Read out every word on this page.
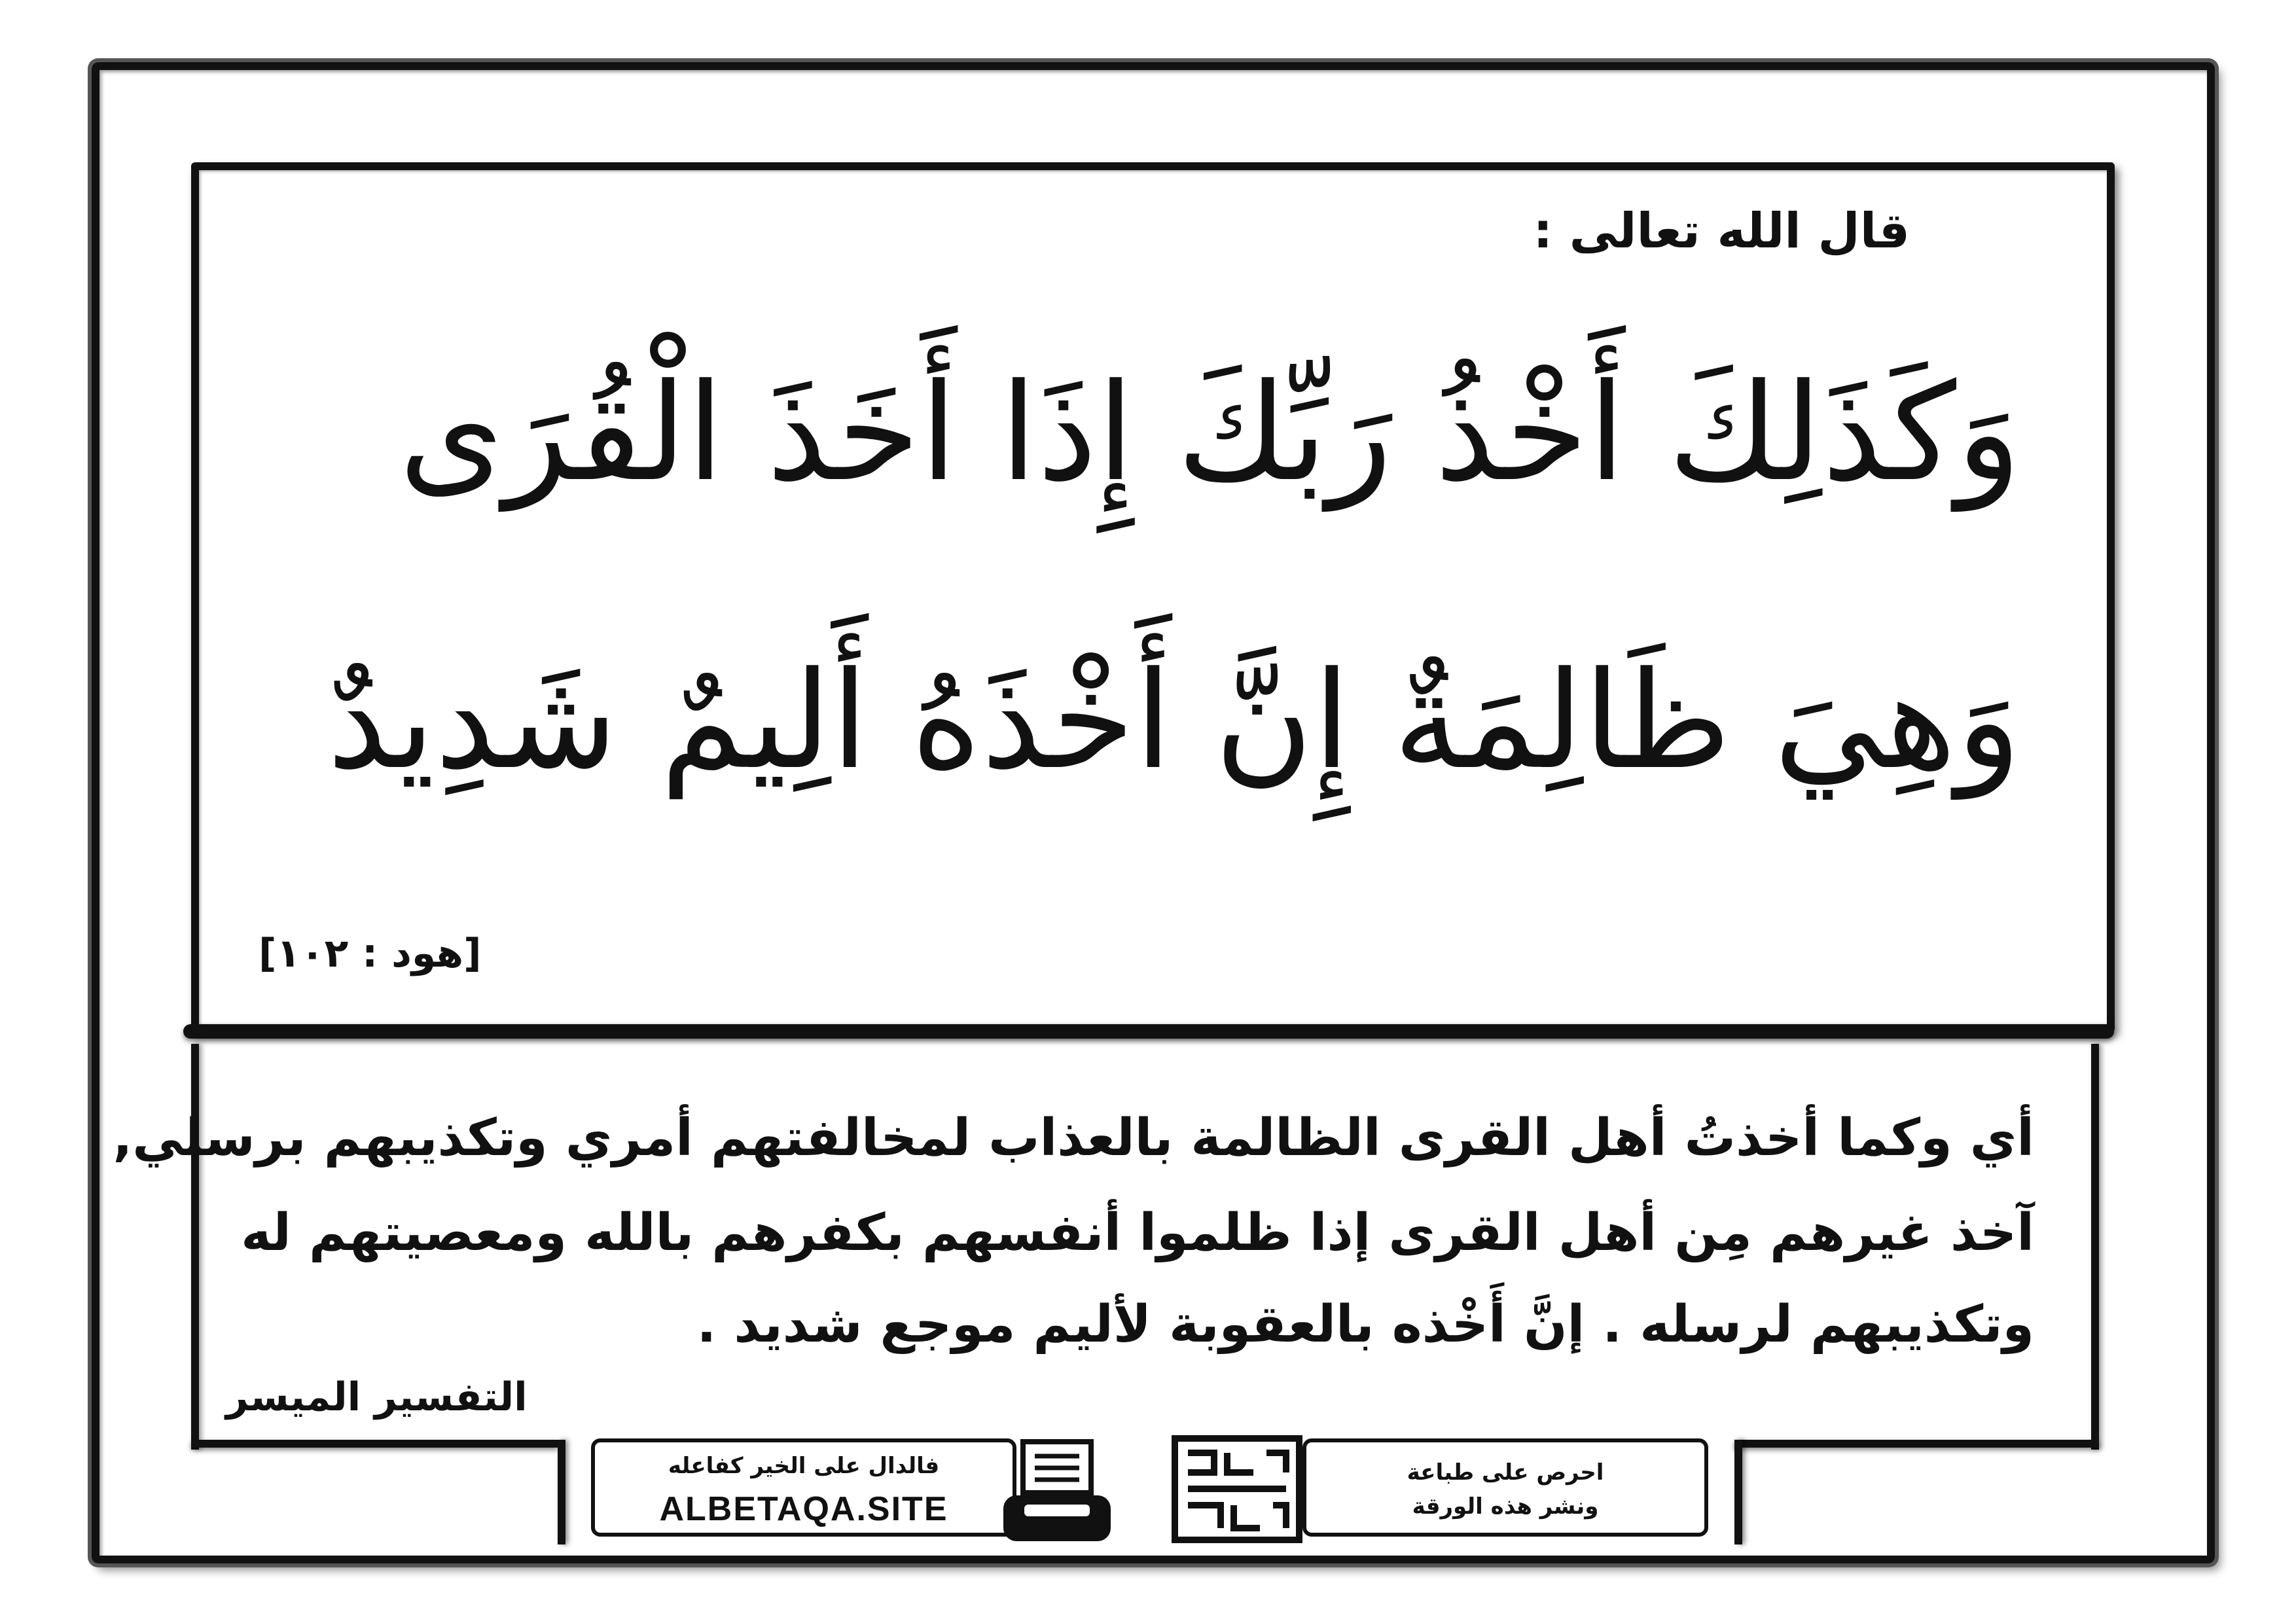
قال الله تعالى :
وَكَذَلِكَ أَخْذُ رَبِّكَ إِذَا أَخَذَ الْقُرَى
وَهِيَ ظَالِمَةٌ إِنَّ أَخْذَهُ أَلِيمٌ شَدِيدٌ
[هود : ١٠٢]
أي وكما أخذتُ أهل القرى الظالمة بالعذاب لمخالفتهم أمري وتكذيبهم برسلي,
آخذ غيرهم مِن أهل القرى إذا ظلموا أنفسهم بكفرهم بالله ومعصيتهم له
وتكذيبهم لرسله . إنَّ أَخْذه بالعقوبة لأليم موجع شديد .
التفسير الميسر
فالدال على الخير كفاعله
ALBETAQA.SITE
احرص على طباعة
ونشر هذه الورقة
